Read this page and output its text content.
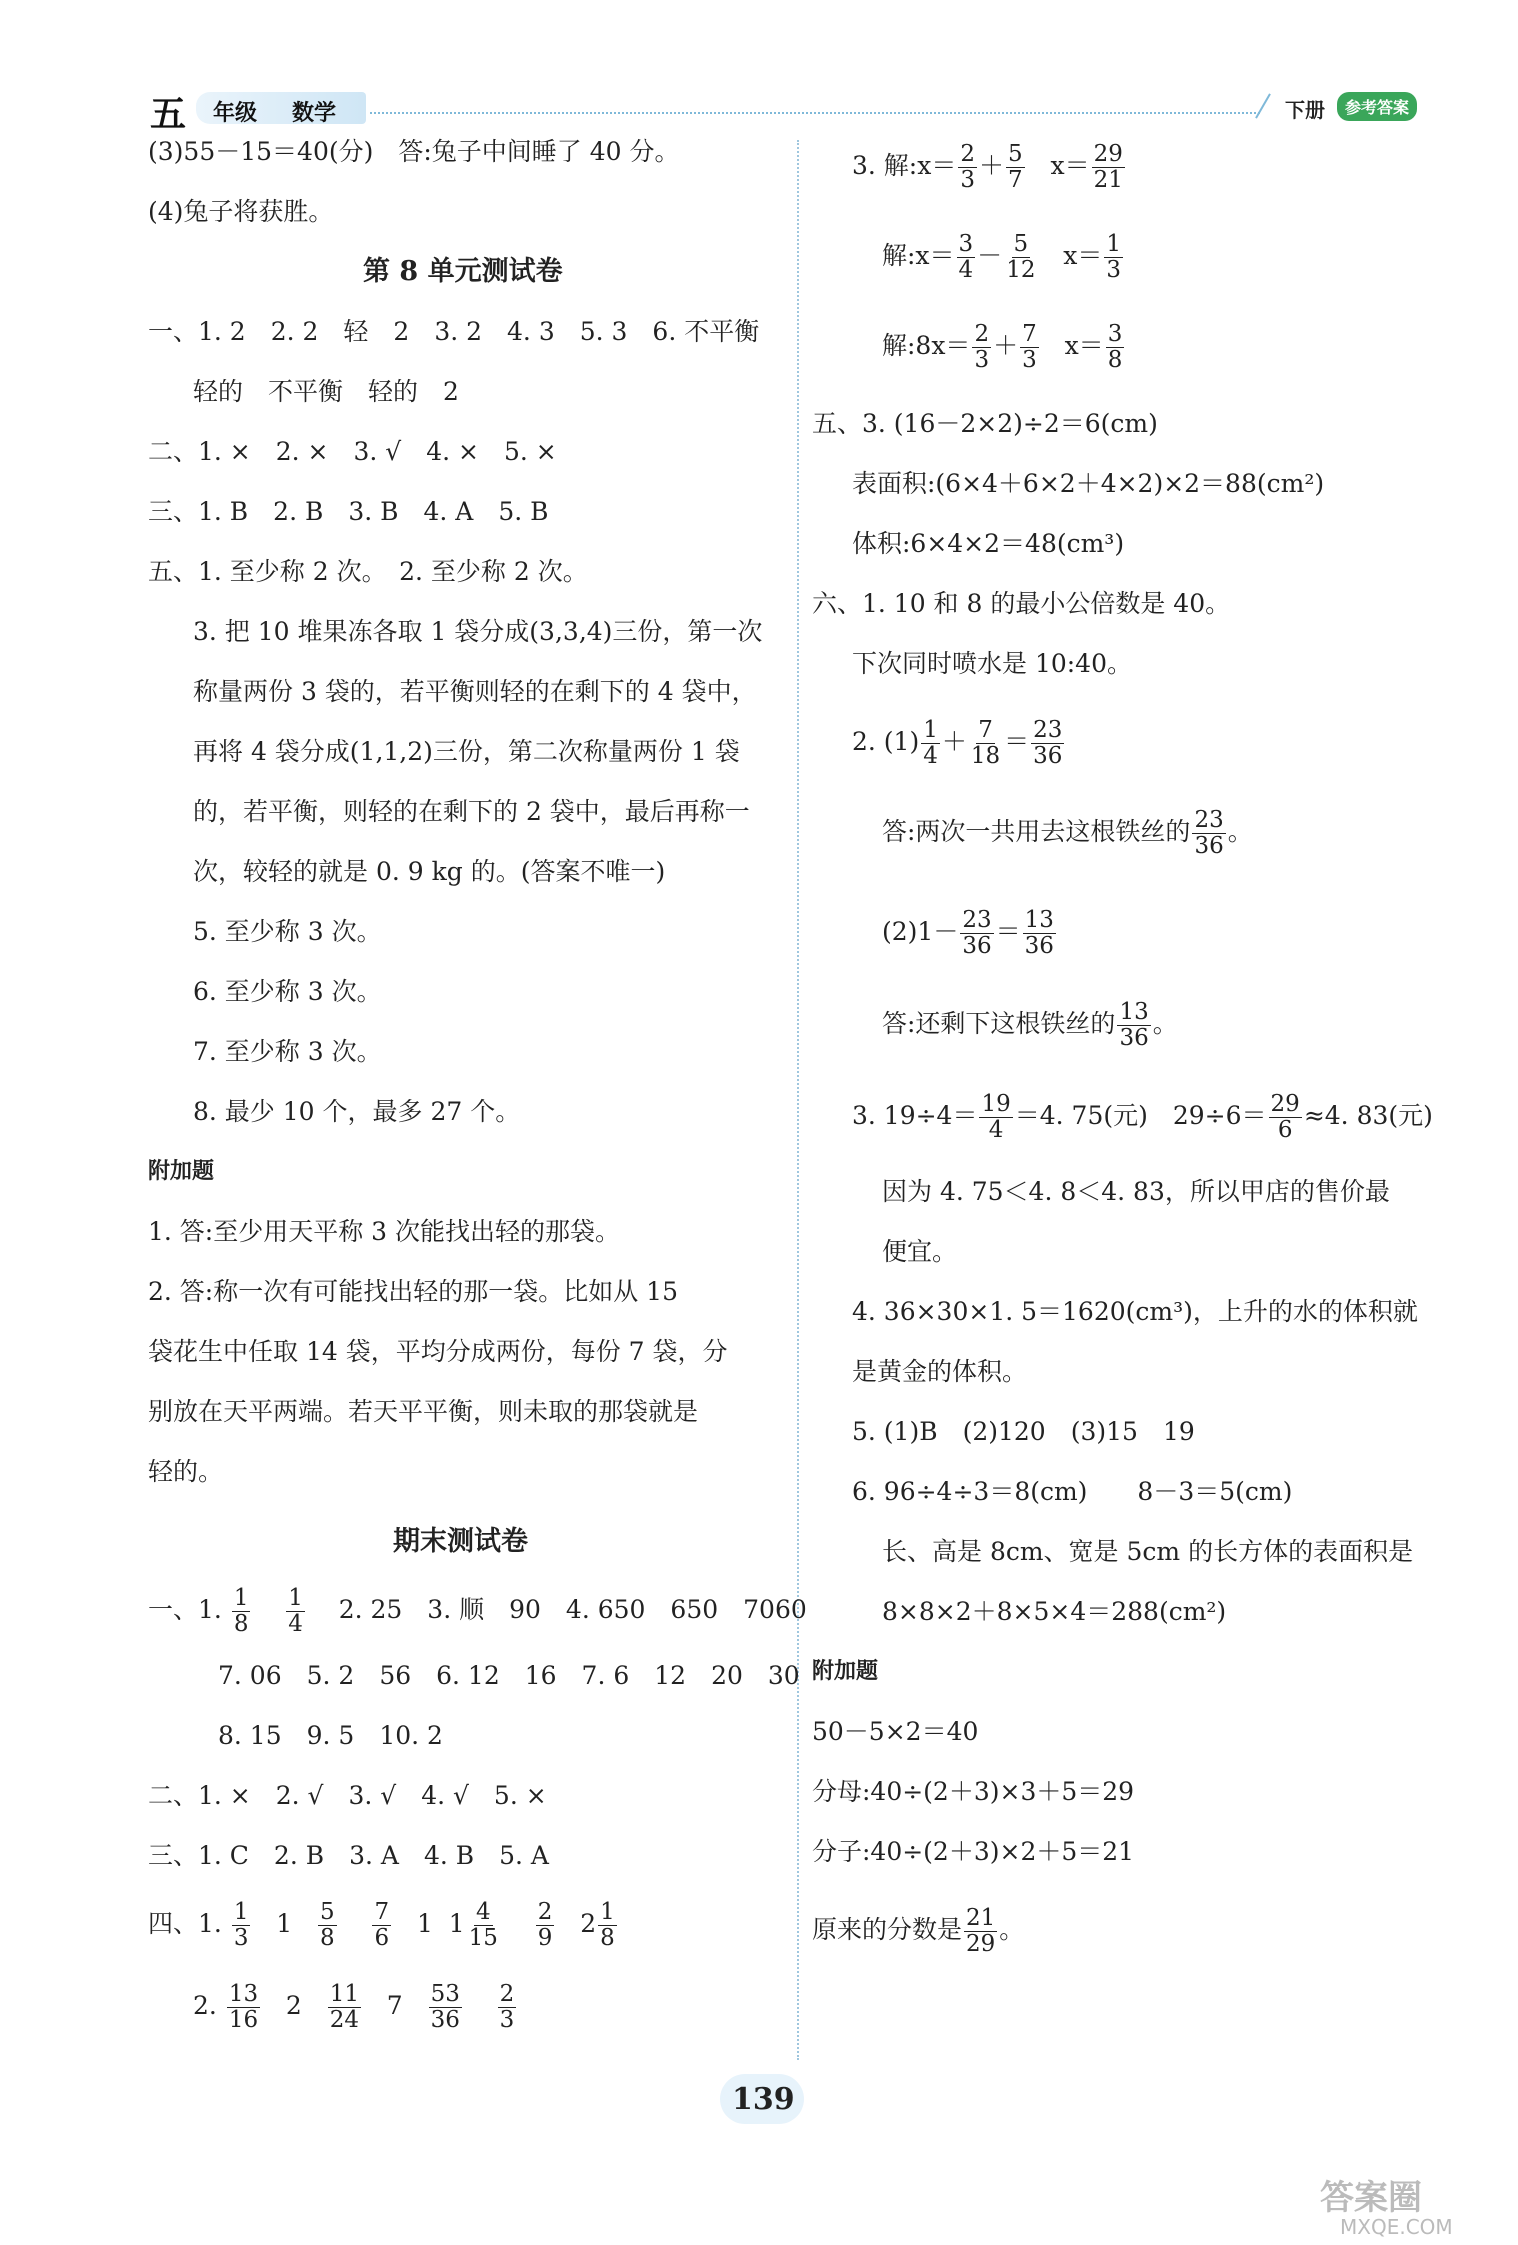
五 年级 数学	下册	参考答案
(3)55－15＝40(分)　答:兔子中间睡了 40 分。
(4)兔子将获胜。
第 8 单元测试卷
一、1. 2　2. 2　轻　2　3. 2　4. 3　5. 3　6. 不平衡
轻的　不平衡　轻的　2
二、1. ×　2. ×　3. √　4. ×　5. ×
三、1. B　2. B　3. B　4. A　5. B
五、1. 至少称 2 次。　2. 至少称 2 次。
3. 把 10 堆果冻各取 1 袋分成(3,3,4)三份，第一次
称量两份 3 袋的，若平衡则轻的在剩下的 4 袋中，
再将 4 袋分成(1,1,2)三份，第二次称量两份 1 袋
的，若平衡，则轻的在剩下的 2 袋中，最后再称一
次，较轻的就是 0. 9 kg 的。(答案不唯一)
5. 至少称 3 次。
6. 至少称 3 次。
7. 至少称 3 次。
8. 最少 10 个，最多 27 个。
附加题
1. 答:至少用天平称 3 次能找出轻的那袋。
2. 答:称一次有可能找出轻的那一袋。比如从 15
袋花生中任取 14 袋，平均分成两份，每份 7 袋，分
别放在天平两端。若天平平衡，则未取的那袋就是
轻的。
期末测试卷
一、1. $\frac{1}{8}$
$\frac{1}{4} 2$. 25　3. 顺　90　4. 650　650　7060
7. 06　5. 2　56　6. 12　16　7. 6　12　20　30
8. 15　9. 5　10. 2
二、1. ×　2. √　3. √　4. √　5. ×
三、1. C　2. B　3. A　4. B　5. A
四、1. $\frac{1}{3} 1 \frac{5}{8}$
$\frac{7}{6} 1$  $1 \frac{4}{15}$
$\frac{2}{9} 2 \frac{1}{8}$
2. $\frac{13}{16} 2 \frac{11}{24} 7 \frac{53}{36}$
$\frac{2}{3}$
3. 解:x＝ $\frac{2}{3} + \frac{5}{7} x= \frac{29}{21}$
解:x＝ $\frac{3}{4} - \frac{5}{12} x= \frac{1}{3}$
解:8x＝ $\frac{2}{3} + \frac{7}{3} x= \frac{3}{8}$
五、3. (16－2×2)÷2＝6(cm)
表面积:(6×4＋6×2＋4×2)×2＝88(cm²)
体积:6×4×2＝48(cm³)
六、1. 10 和 8 的最小公倍数是 40。
下次同时喷水是 10:40。
2. $(1) \frac{1}{4} + \frac{7}{18} = \frac{23}{36}$
答:两次一共用去这根铁丝的 $\frac{23}{36}$ 。
$(2)1- \frac{23}{36} = \frac{13}{36}$
答:还剩下这根铁丝的 $\frac{13}{36}$ 。
3. $19\div 4= \frac{19}{4} =4$. 75(元)　$29\div 6= \frac{29}{6} \approx 4$. 83(元)
因为 4. 75＜4. 8＜4. 83，所以甲店的售价最
便宜。
4. 36×30×1. 5＝1620(cm³)，上升的水的体积就
是黄金的体积。
5. (1)B　(2)120　(3)15　19
6. 96÷4÷3＝8(cm)　　8－3＝5(cm)
长、高是 8cm、宽是 5cm 的长方体的表面积是
8×8×2＋8×5×4＝288(cm²)
附加题
50－5×2＝40
分母:40÷(2＋3)×3＋5＝29
分子:40÷(2＋3)×2＋5＝21
原来的分数是 $\frac{21}{29}$ 。
139
答案圈
MXQE.COM
